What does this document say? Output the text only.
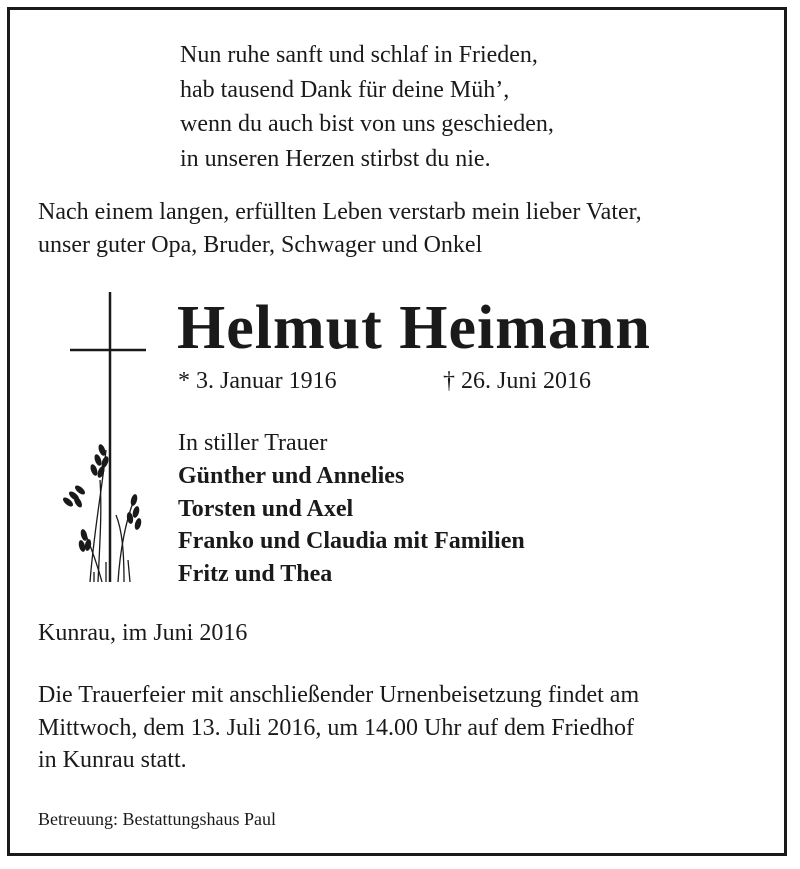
Nun ruhe sanft und schlaf in Frieden,
hab tausend Dank für deine Müh’,
wenn du auch bist von uns geschieden,
in unseren Herzen stirbst du nie.
Nach einem langen, erfüllten Leben verstarb mein lieber Vater,
unser guter Opa, Bruder, Schwager und Onkel
Helmut Heimann
* 3. Januar 1916	† 26. Juni 2016
In stiller Trauer
Günther und Annelies
Torsten und Axel
Franko und Claudia mit Familien
Fritz und Thea
Kunrau, im Juni 2016
Die Trauerfeier mit anschließender Urnenbeisetzung findet am
Mittwoch, dem 13. Juli 2016, um 14.00 Uhr auf dem Friedhof
in Kunrau statt.
Betreuung: Bestattungshaus Paul
